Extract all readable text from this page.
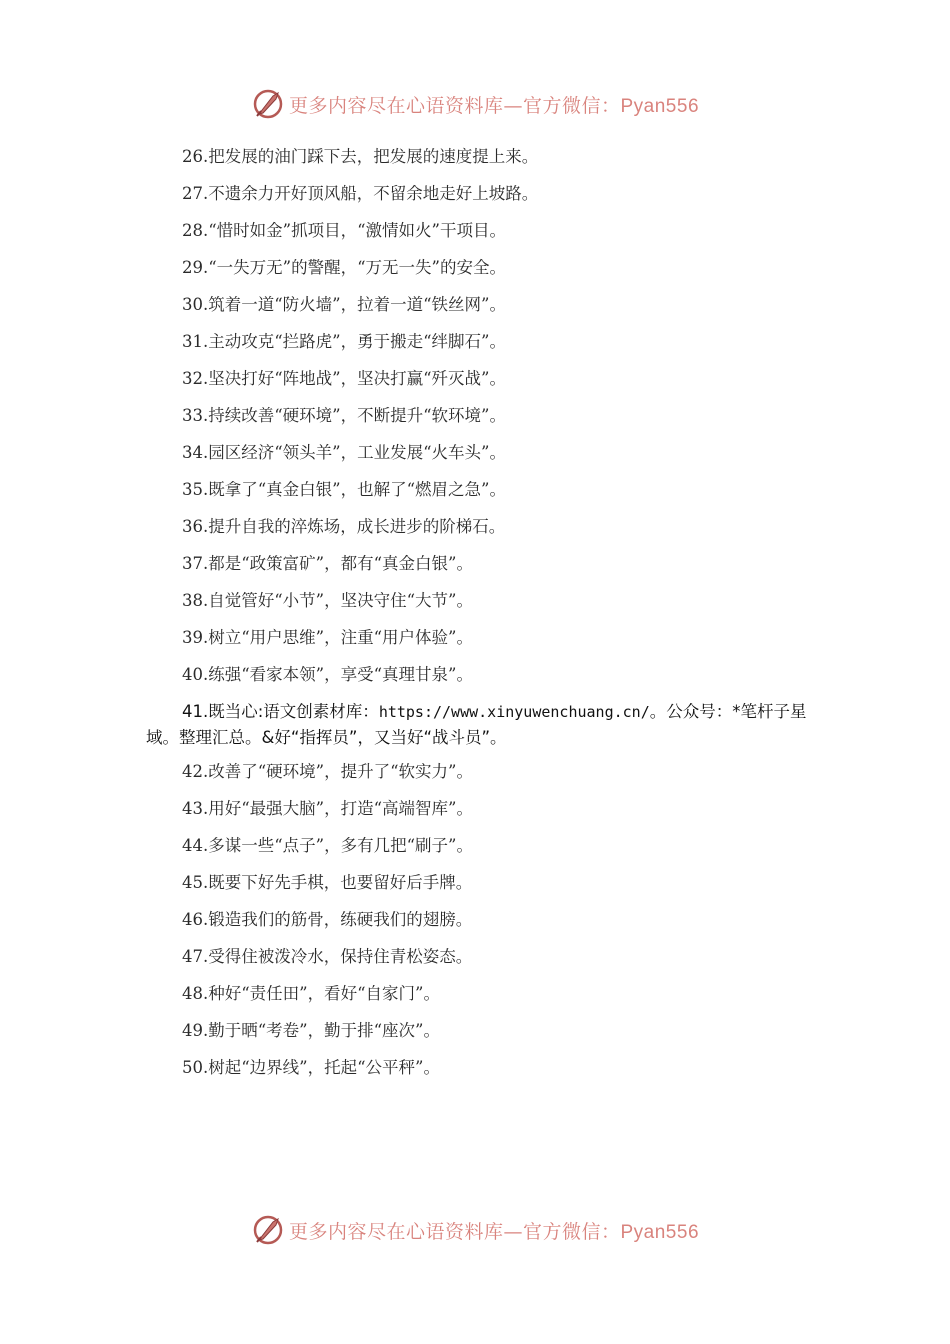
更多内容尽在心语资料库—官方微信：Pyan556
26.把发展的油门踩下去，把发展的速度提上来。
27.不遗余力开好顶风船，不留余地走好上坡路。
28.“惜时如金”抓项目，“激情如火”干项目。
29.“一失万无”的警醒，“万无一失”的安全。
30.筑着一道“防火墙”，拉着一道“铁丝网”。
31.主动攻克“拦路虎”，勇于搬走“绊脚石”。
32.坚决打好“阵地战”，坚决打赢“歼灭战”。
33.持续改善“硬环境”，不断提升“软环境”。
34.园区经济“领头羊”，工业发展“火车头”。
35.既拿了“真金白银”，也解了“燃眉之急”。
36.提升自我的淬炼场，成长进步的阶梯石。
37.都是“政策富矿”，都有“真金白银”。
38.自觉管好“小节”，坚决守住“大节”。
39.树立“用户思维”，注重“用户体验”。
40.练强“看家本领”，享受“真理甘泉”。
41.既当心:语文创素材库：https://www.xinyuwenchuang.cn/。公众号：*笔杆子星域。整理汇总。&好“指挥员”，又当好“战斗员”。
42.改善了“硬环境”，提升了“软实力”。
43.用好“最强大脑”，打造“高端智库”。
44.多谋一些“点子”，多有几把“刷子”。
45.既要下好先手棋，也要留好后手牌。
46.锻造我们的筋骨，练硬我们的翅膀。
47.受得住被泼冷水，保持住青松姿态。
48.种好“责任田”，看好“自家门”。
49.勤于晒“考卷”，勤于排“座次”。
50.树起“边界线”，托起“公平秤”。
更多内容尽在心语资料库—官方微信：Pyan556
